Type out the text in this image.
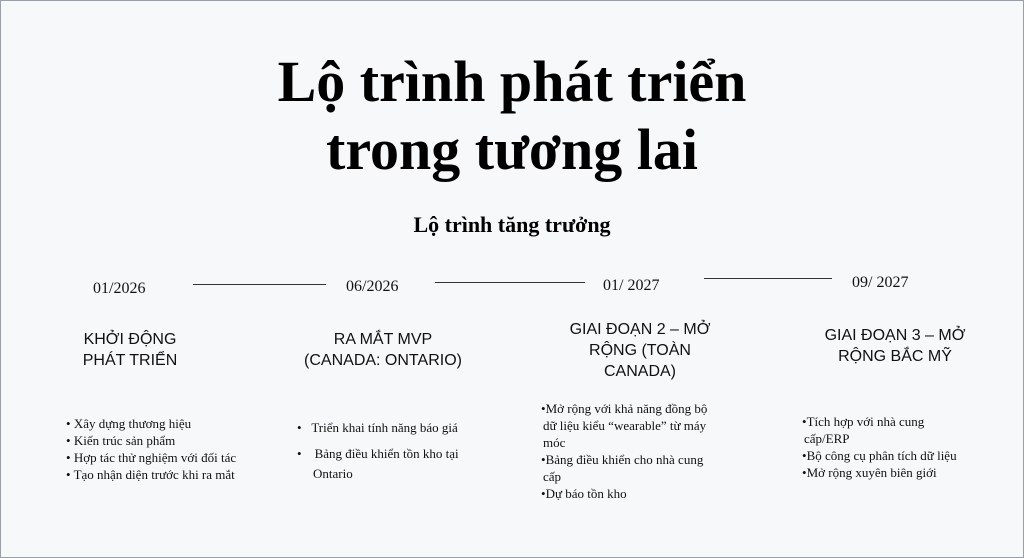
Lộ trình phát triển
trong tương lai
Lộ trình tăng trưởng
01/2026	06/2026	01/ 2027	09/ 2027
KHỞI ĐỘNG
PHÁT TRIỂN
RA MẮT MVP
(CANADA: ONTARIO)
GIAI ĐOẠN 2 – MỞ
RỘNG (TOÀN
CANADA)
GIAI ĐOẠN 3 – MỞ
RỘNG BẮC MỸ
• Xây dựng thương hiệu
• Kiến trúc sản phẩm
• Hợp tác thử nghiệm với đối tác
• Tạo nhận diện trước khi ra mắt
•   Triển khai tính năng báo giá
•    Bảng điều khiển tồn kho tại
Ontario
•Mở rộng với khả năng đồng bộ
dữ liệu kiểu “wearable” từ máy
móc
•Bảng điều khiển cho nhà cung
cấp
•Dự báo tồn kho
•Tích hợp với nhà cung
cấp/ERP
•Bộ công cụ phân tích dữ liệu
•Mở rộng xuyên biên giới
